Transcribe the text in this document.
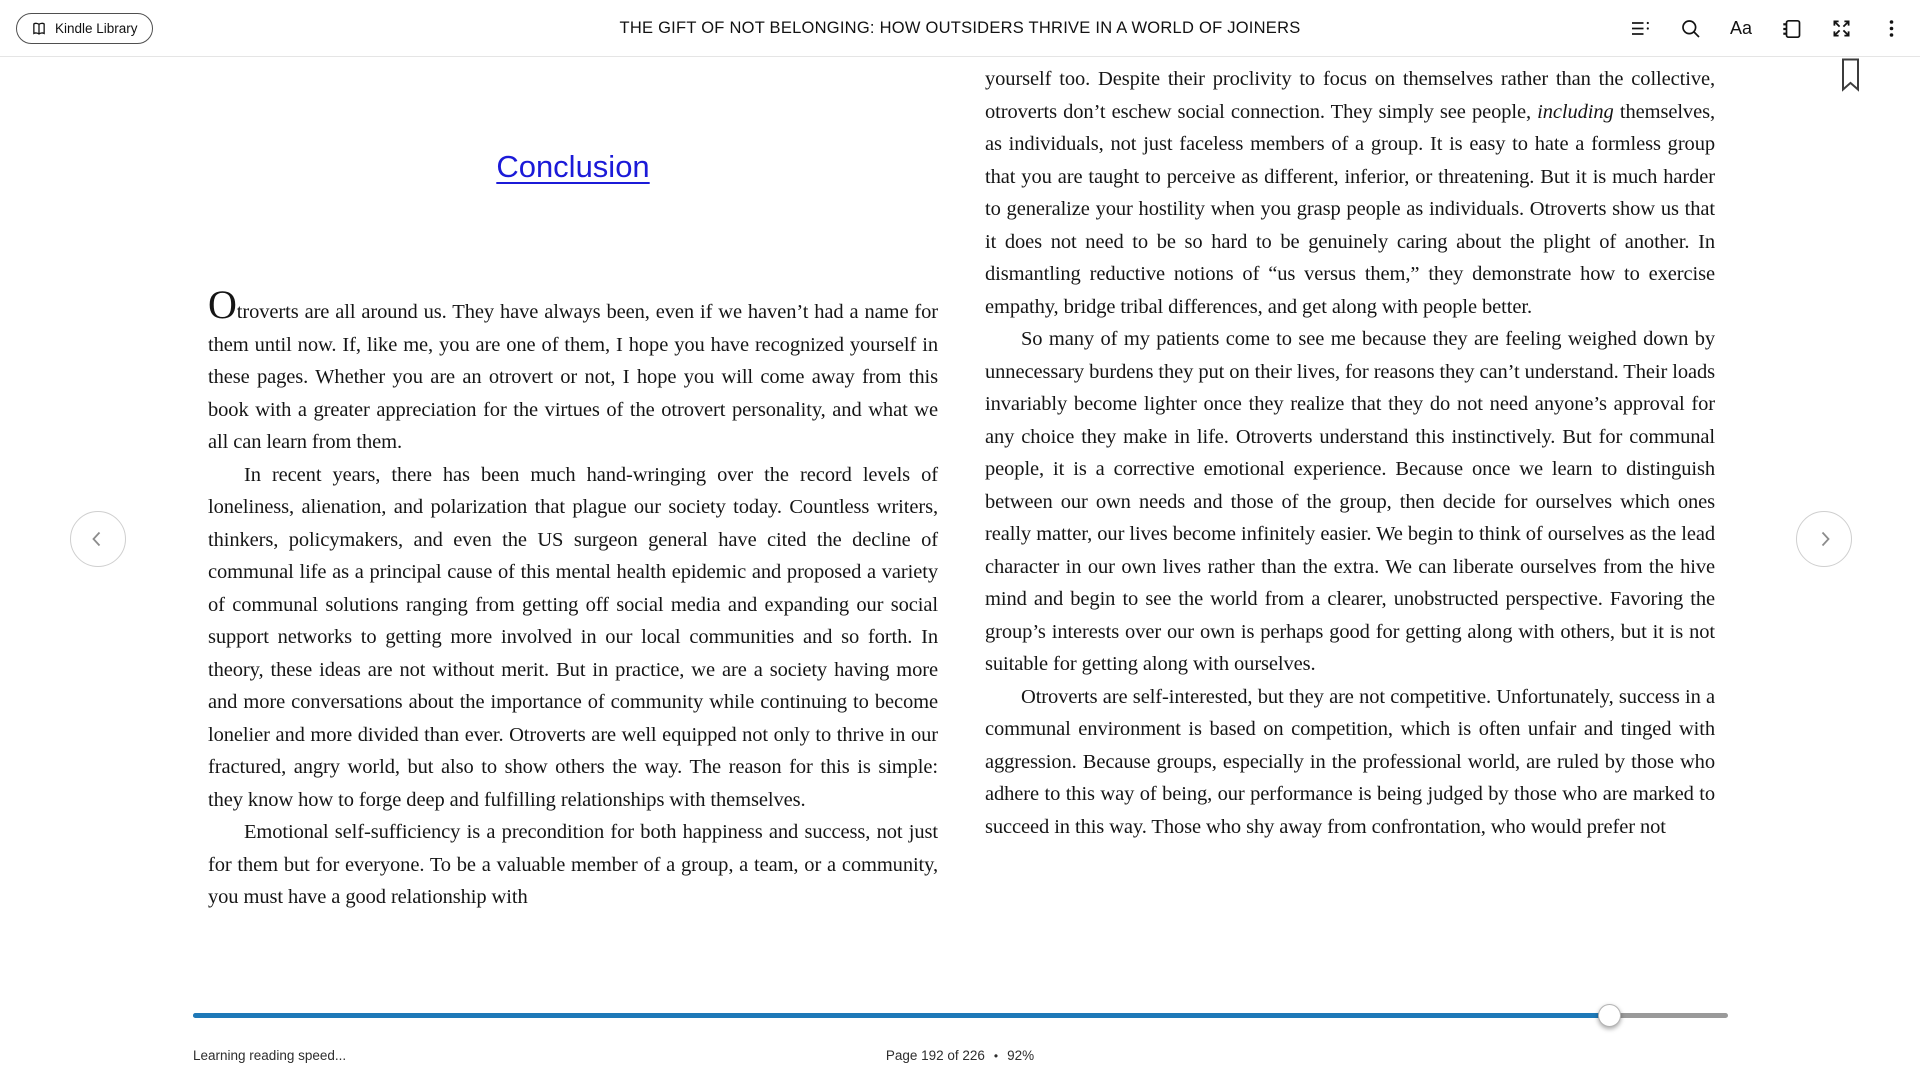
Kindle Library	THE GIFT OF NOT BELONGING: HOW OUTSIDERS THRIVE IN A WORLD OF JOINERS	Aa
Conclusion

Otroverts are all around us. They have always been, even if we haven’t had a name for them until now. If, like me, you are one of them, I hope you have recognized yourself in these pages. Whether you are an otrovert or not, I hope you will come away from this book with a greater appreciation for the virtues of the otrovert personality, and what we all can learn from them.

In recent years, there has been much hand-wringing over the record levels of loneliness, alienation, and polarization that plague our society today. Countless writers, thinkers, policymakers, and even the US surgeon general have cited the decline of communal life as a principal cause of this mental health epidemic and proposed a variety of communal solutions ranging from getting off social media and expanding our social support networks to getting more involved in our local communities and so forth. In theory, these ideas are not without merit. But in practice, we are a society having more and more conversations about the importance of community while continuing to become lonelier and more divided than ever. Otroverts are well equipped not only to thrive in our fractured, angry world, but also to show others the way. The reason for this is simple: they know how to forge deep and fulfilling relationships with themselves.

Emotional self-sufficiency is a precondition for both happiness and success, not just for them but for everyone. To be a valuable member of a group, a team, or a community, you must have a good relationship with

yourself too. Despite their proclivity to focus on themselves rather than the collective, otroverts don’t eschew social connection. They simply see people, including themselves, as individuals, not just faceless members of a group. It is easy to hate a formless group that you are taught to perceive as different, inferior, or threatening. But it is much harder to generalize your hostility when you grasp people as individuals. Otroverts show us that it does not need to be so hard to be genuinely caring about the plight of another. In dismantling reductive notions of “us versus them,” they demonstrate how to exercise empathy, bridge tribal differences, and get along with people better.

So many of my patients come to see me because they are feeling weighed down by unnecessary burdens they put on their lives, for reasons they can’t understand. Their loads invariably become lighter once they realize that they do not need anyone’s approval for any choice they make in life. Otroverts understand this instinctively. But for communal people, it is a corrective emotional experience. Because once we learn to distinguish between our own needs and those of the group, then decide for ourselves which ones really matter, our lives become infinitely easier. We begin to think of ourselves as the lead character in our own lives rather than the extra. We can liberate ourselves from the hive mind and begin to see the world from a clearer, unobstructed perspective. Favoring the group’s interests over our own is perhaps good for getting along with others, but it is not suitable for getting along with ourselves.

Otroverts are self-interested, but they are not competitive. Unfortunately, success in a communal environment is based on competition, which is often unfair and tinged with aggression. Because groups, especially in the professional world, are ruled by those who adhere to this way of being, our performance is being judged by those who are marked to succeed in this way. Those who shy away from confrontation, who would prefer not

Learning reading speed...	Page 192 of 226 • 92%
